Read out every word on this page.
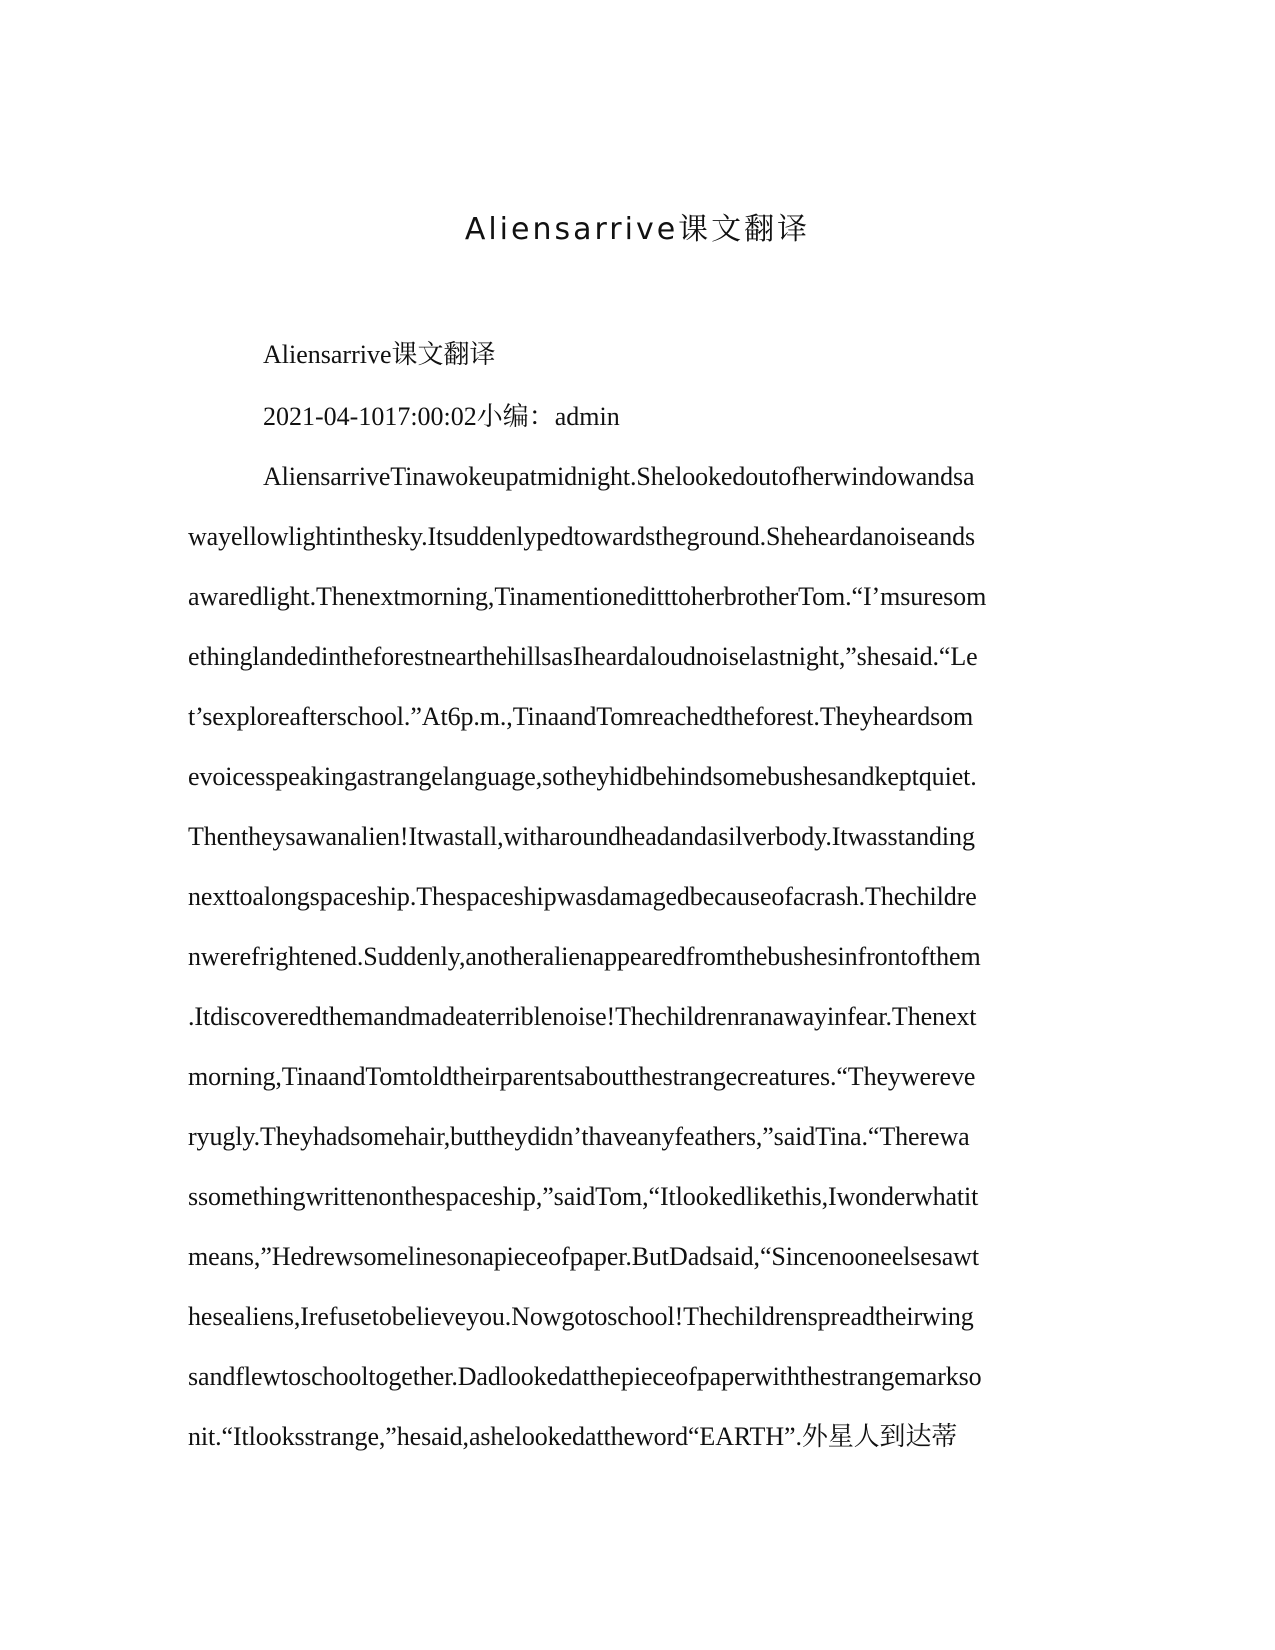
Aliensarrive课文翻译
Aliensarrive课文翻译
2021-04-1017:00:02小编：admin
AliensarriveTinawokeupatmidnight.Shelookedoutofherwindowandsa
wayellowlightinthesky.Itsuddenlypedtowardstheground.Sheheardanoiseands
awaredlight.Thenextmorning,TinamentioneditttoherbrotherTom.“I’msuresom
ethinglandedintheforestnearthehillsasIheardaloudnoiselastnight,”shesaid.“Le
t’sexploreafterschool.”At6p.m.,TinaandTomreachedtheforest.Theyheardsom
evoicesspeakingastrangelanguage,sotheyhidbehindsomebushesandkeptquiet.
Thentheysawanalien!Itwastall,witharoundheadandasilverbody.Itwasstanding
nexttoalongspaceship.Thespaceshipwasdamagedbecauseofacrash.Thechildre
nwerefrightened.Suddenly,anotheralienappearedfromthebushesinfrontofthem
.Itdiscoveredthemandmadeaterriblenoise!Thechildrenranawayinfear.Thenext
morning,TinaandTomtoldtheirparentsaboutthestrangecreatures.“Theywereve
ryugly.Theyhadsomehair,buttheydidn’thaveanyfeathers,”saidTina.“Therewa
ssomethingwrittenonthespaceship,”saidTom,“Itlookedlikethis,Iwonderwhatit
means,”Hedrewsomelinesonapieceofpaper.ButDadsaid,“Sincenooneelsesawt
hesealiens,Irefusetobelieveyou.Nowgotoschool!Thechildrenspreadtheirwing
sandflewtoschooltogether.Dadlookedatthepieceofpaperwiththestrangemarkso
nit.“Itlooksstrange,”hesaid,ashelookedattheword“EARTH”.外星人到达蒂
